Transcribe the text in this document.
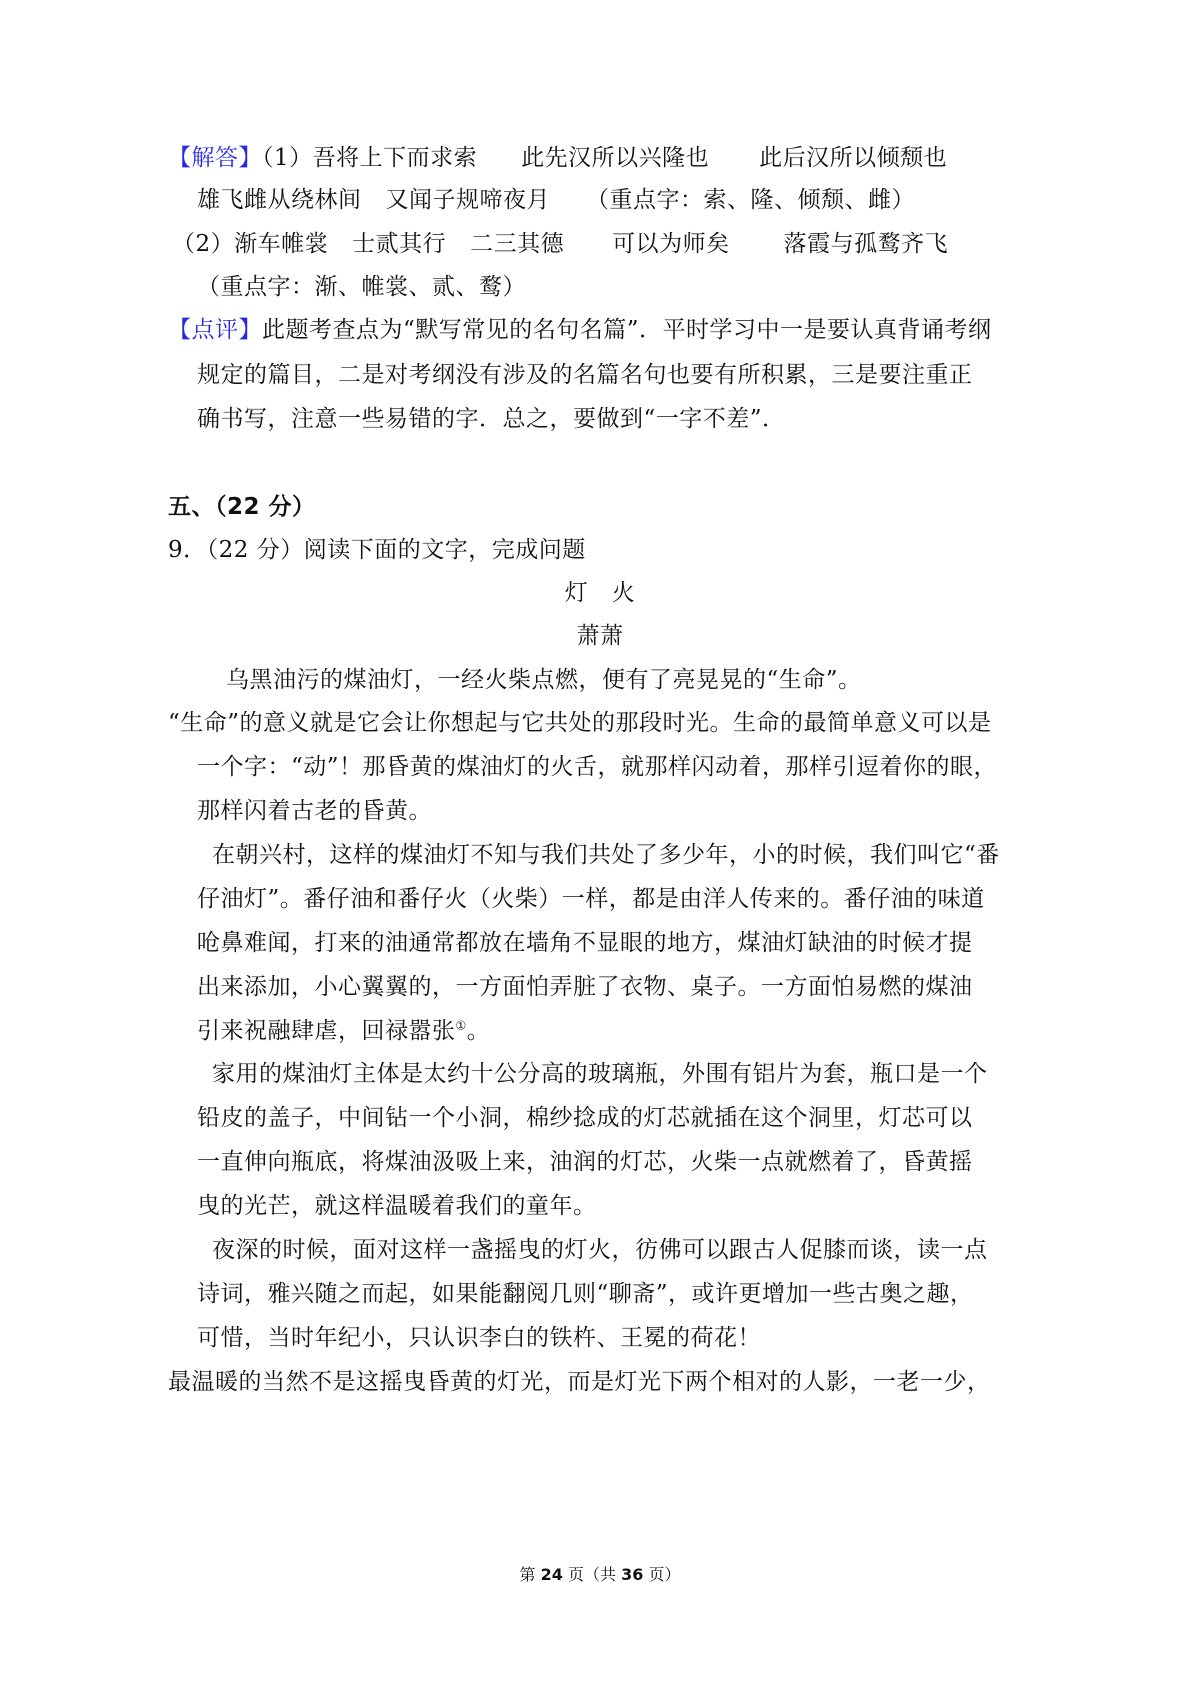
【解答】（1）吾将上下而求索 此先汉所以兴隆也 此后汉所以倾颓也
雄飞雌从绕林间 又闻子规啼夜月 （重点字：索、隆、倾颓、雌）
（2）渐车帷裳 士贰其行 二三其德 可以为师矣 落霞与孤鹜齐飞
（重点字：渐、帷裳、贰、鹜）
【点评】此题考查点为“默写常见的名句名篇”．平时学习中一是要认真背诵考纲
规定的篇目，二是对考纲没有涉及的名篇名句也要有所积累，三是要注重正
确书写，注意一些易错的字．总之，要做到“一字不差”．
五、（22 分）
9．（22 分）阅读下面的文字，完成问题
灯　火
萧萧
乌黑油污的煤油灯，一经火柴点燃，便有了亮晃晃的“生命”。
“生命”的意义就是它会让你想起与它共处的那段时光。生命的最简单意义可以是
一个字：“动”！那昏黄的煤油灯的火舌，就那样闪动着，那样引逗着你的眼，
那样闪着古老的昏黄。
在朝兴村，这样的煤油灯不知与我们共处了多少年，小的时候，我们叫它“番
仔油灯”。番仔油和番仔火（火柴）一样，都是由洋人传来的。番仔油的味道
呛鼻难闻，打来的油通常都放在墙角不显眼的地方，煤油灯缺油的时候才提
出来添加，小心翼翼的，一方面怕弄脏了衣物、桌子。一方面怕易燃的煤油
引来祝融肆虐，回禄嚣张①。
家用的煤油灯主体是太约十公分高的玻璃瓶，外围有铝片为套，瓶口是一个
铅皮的盖子，中间钻一个小洞，棉纱捻成的灯芯就插在这个洞里，灯芯可以
一直伸向瓶底，将煤油汲吸上来，油润的灯芯，火柴一点就燃着了，昏黄摇
曳的光芒，就这样温暖着我们的童年。
夜深的时候，面对这样一盏摇曳的灯火，彷佛可以跟古人促膝而谈，读一点
诗词，雅兴随之而起，如果能翻阅几则“聊斋”，或许更增加一些古奥之趣，
可惜，当时年纪小，只认识李白的铁杵、王冕的荷花！
最温暖的当然不是这摇曳昏黄的灯光，而是灯光下两个相对的人影，一老一少，
第 24 页（共 36 页）
